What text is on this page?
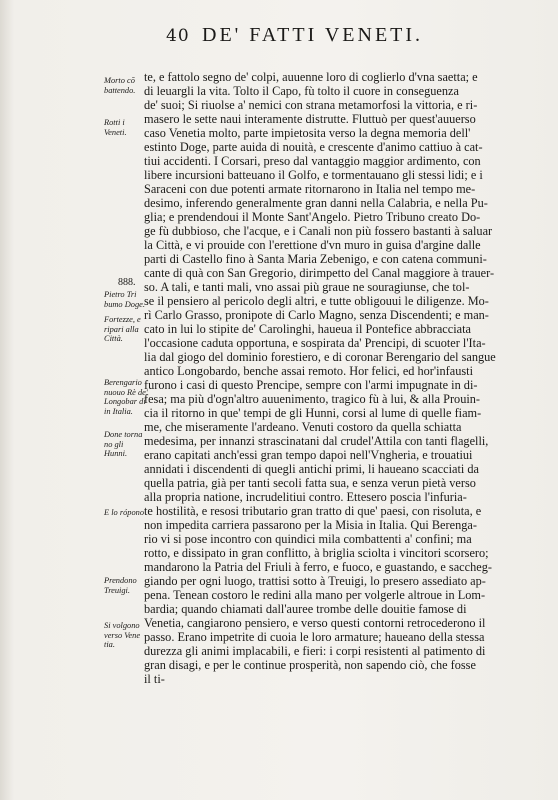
40 DE' FATTI VENETI.
Morto cō battendo.
Rotti i Veneti.
888.
Pietro Tri bumo Doge.
Fortezze, e ripari alla Città.
Berengario nuouo Rè de' Longobar di in Italia.
Done torna no gli Hunni.
E lo rópono
Prendono Treuigi.
Si volgono verso Vene tia.
te, e fattolo segno de' colpi, auuenne loro di coglierlo d'vna saetta; e
di leuargli la vita. Tolto il Capo, fù tolto il cuore in conseguenza
de' suoi; Si riuolse a' nemici con strana metamorfosi la vittoria, e ri-
masero le sette naui interamente distrutte. Fluttuò per quest'auuerso
caso Venetia molto, parte impietosita verso la degna memoria dell'
estinto Doge, parte auida di nouità, e crescente d'animo cattiuo à cat-
tiui accidenti. I Corsari, preso dal vantaggio maggior ardimento, con
libere incursioni batteuano il Golfo, e tormentauano gli stessi lidi; e i
Saraceni con due potenti armate ritornarono in Italia nel tempo me-
desimo, inferendo generalmente gran danni nella Calabria, e nella Pu-
glia; e prendendoui il Monte Sant'Angelo. Pietro Tribuno creato Do-
ge fù dubbioso, che l'acque, e i Canali non più fossero bastanti à saluar
la Città, e vi prouide con l'erettione d'vn muro in guisa d'argine dalle
parti di Castello fino à Santa Maria Zebenigo, e con catena communi-
cante di quà con San Gregorio, dirimpetto del Canal maggiore à trauer-
so. A tali, e tanti mali, vno assai più graue ne souragiunse, che tol-
se il pensiero al pericolo degli altri, e tutte obligouui le diligenze. Mo-
rì Carlo Grasso, pronipote di Carlo Magno, senza Discendenti; e man-
cato in lui lo stipite de' Carolinghi, haueua il Pontefice abbracciata
l'occasione caduta opportuna, e sospirata da' Prencipi, di scuoter l'Ita-
lia dal giogo del dominio forestiero, e di coronar Berengario del sangue
antico Longobardo, benche assai remoto. Hor felici, ed hor'infausti
furono i casi di questo Prencipe, sempre con l'armi impugnate in di-
fesa; ma più d'ogn'altro auuenimento, tragico fù à lui, & alla Prouin-
cia il ritorno in que' tempi de gli Hunni, corsi al lume di quelle fiam-
me, che miseramente l'ardeano. Venuti costoro da quella schiatta
medesima, per innanzi strascinatani dal crudel'Attila con tanti flagelli,
erano capitati anch'essi gran tempo dapoi nell'Vngheria, e trouatiui
annidati i discendenti di quegli antichi primi, li haueano scacciati da
quella patria, già per tanti secoli fatta sua, e senza verun pietà verso
alla propria natione, incrudelitiui contro. Ettesero poscia l'infuria-
te hostilità, e resosi tributario gran tratto di que' paesi, con risoluta, e
non impedita carriera passarono per la Misia in Italia. Qui Berenga-
rio vi si pose incontro con quindici mila combattenti a' confini; ma
rotto, e dissipato in gran conflitto, à briglia sciolta i vincitori scorsero;
mandarono la Patria del Friuli à ferro, e fuoco, e guastando, e saccheg-
giando per ogni luogo, trattisi sotto à Treuigi, lo presero assediato ap-
pena. Tenean costoro le redini alla mano per volgerle altroue in Lom-
bardia; quando chiamati dall'auree trombe delle douitie famose di
Venetia, cangiarono pensiero, e verso questi contorni retrocederono il
passo. Erano impetrite di cuoia le loro armature; haueano della stessa
durezza gli animi implacabili, e fieri: i corpi resistenti al patimento di
gran disagi, e per le continue prosperità, non sapendo ciò, che fosse
il ti-
